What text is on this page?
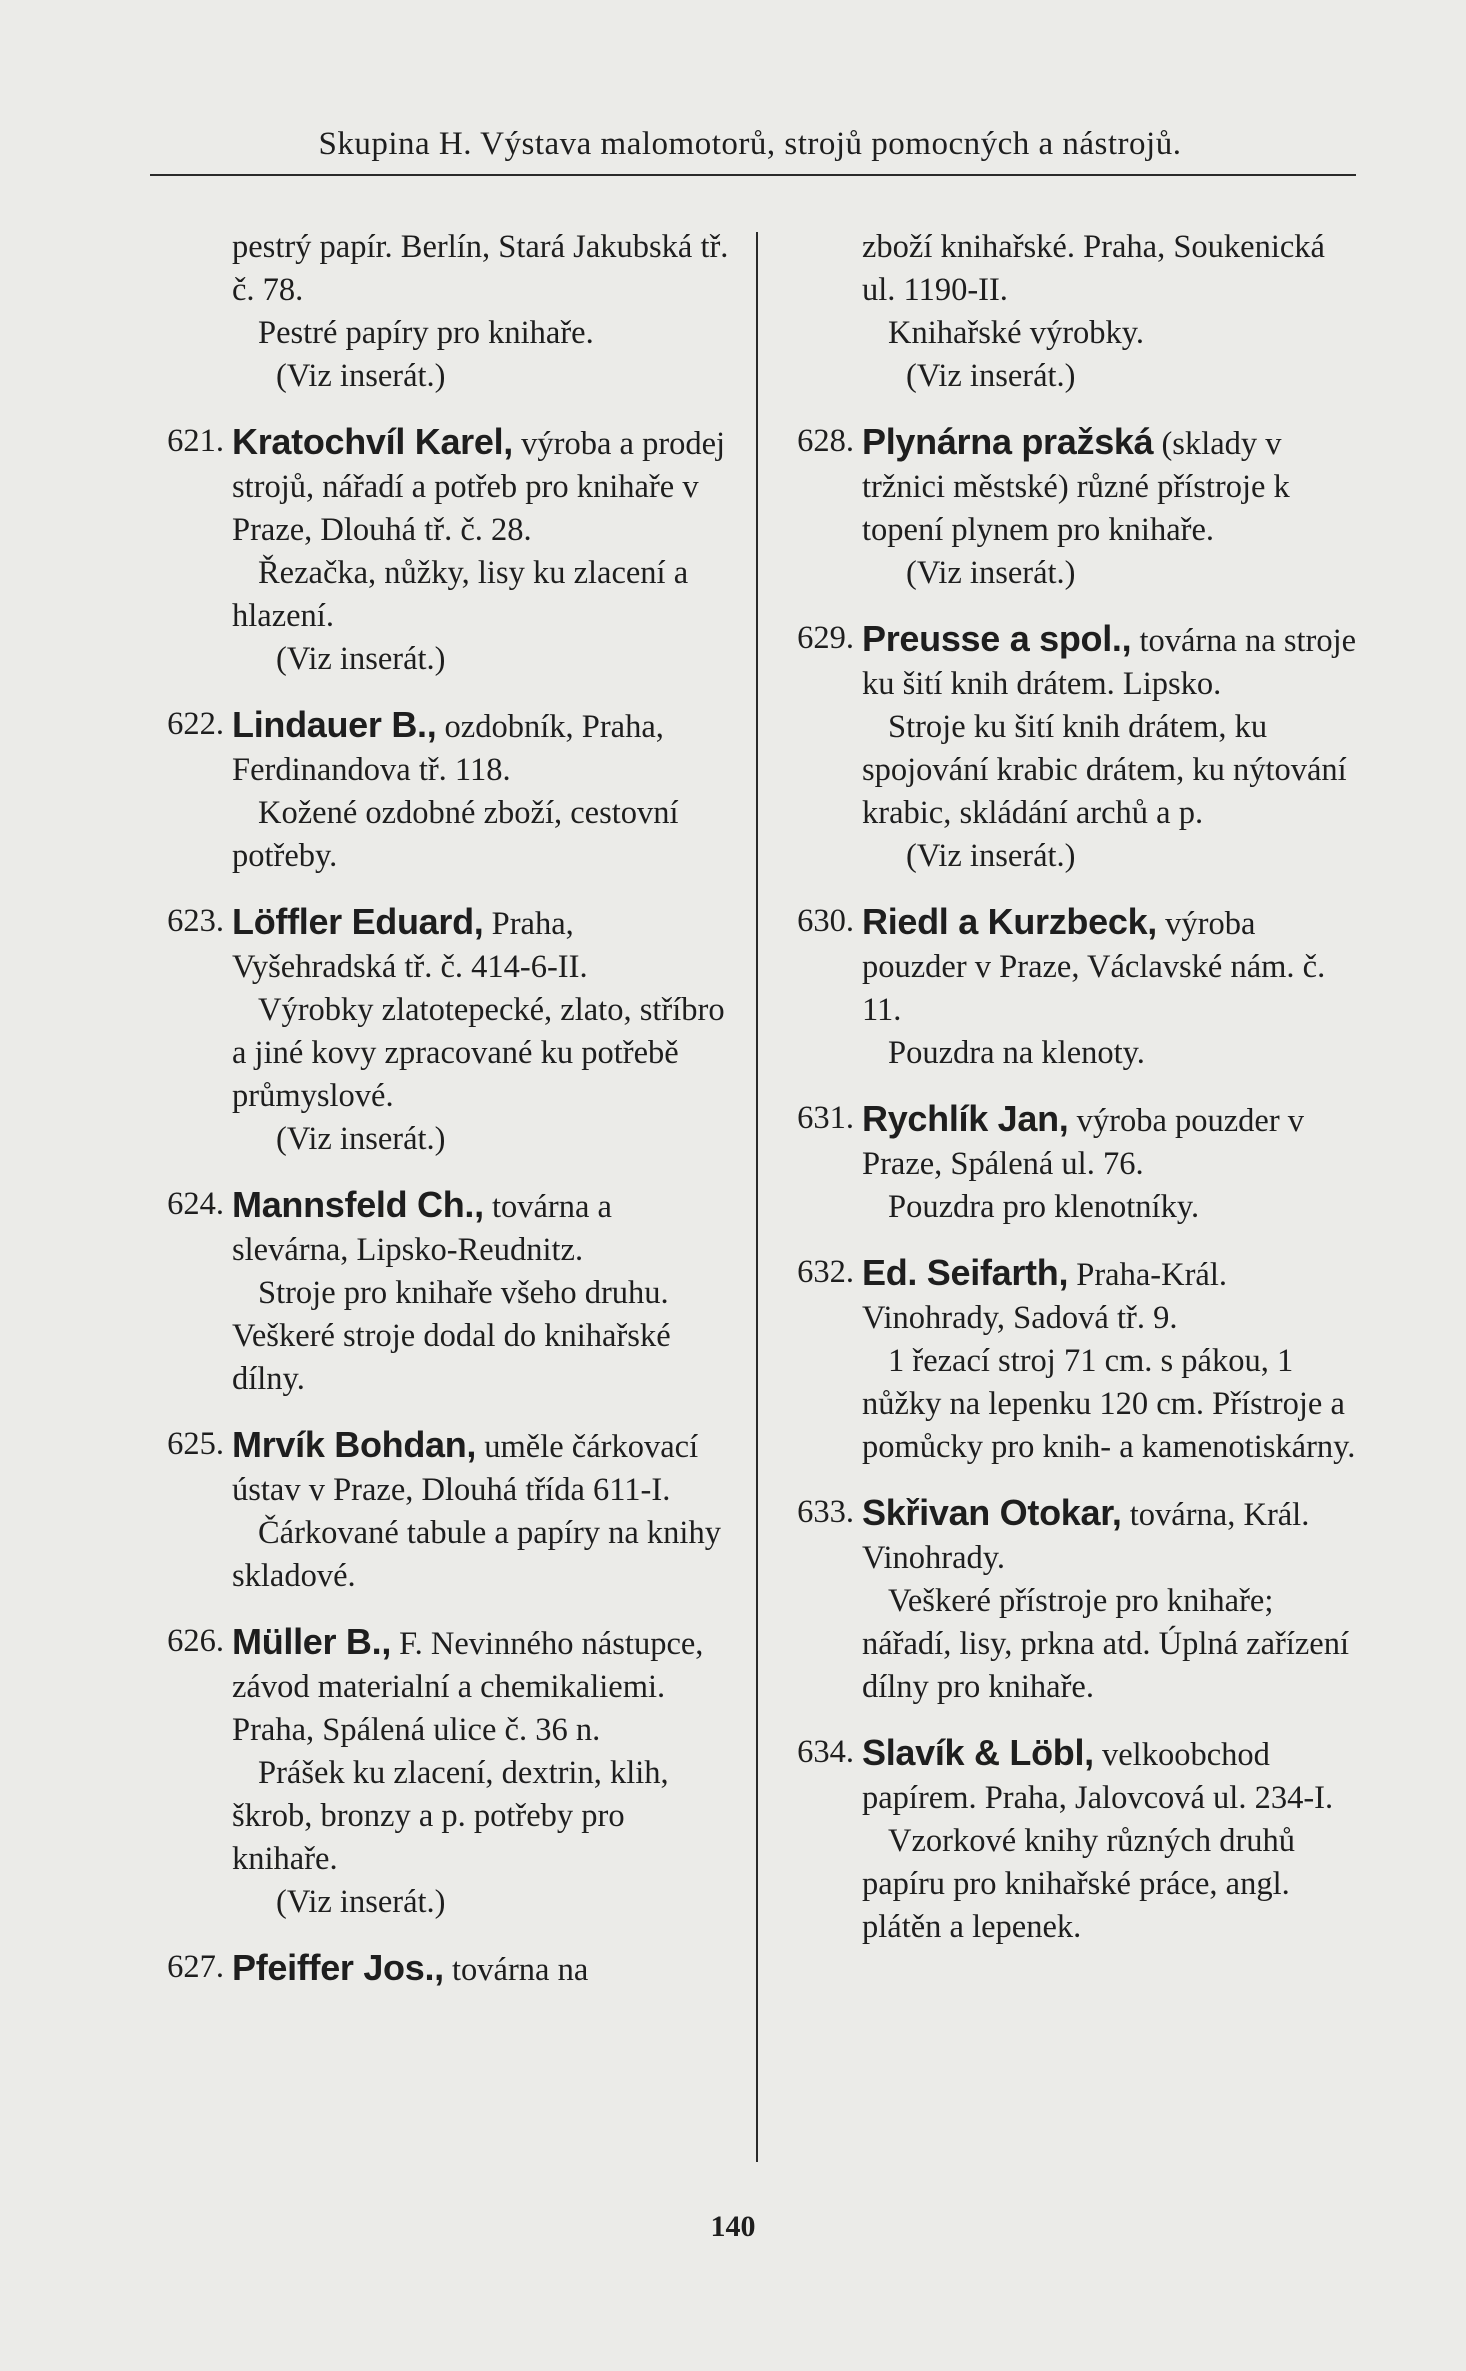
Skupina H. Výstava malomotorů, strojů pomocných a nástrojů.

pestrý papír. Berlín, Stará Jakubská tř. č. 78.

Pestré papíry pro knihaře.

(Viz inserát.)

621. Kratochvíl Karel, výroba a prodej strojů, nářadí a potřeb pro knihaře v Praze, Dlouhá tř. č. 28.

Řezačka, nůžky, lisy ku zlacení a hlazení.

(Viz inserát.)

622. Lindauer B., ozdobník, Praha, Ferdinandova tř. 118.

Kožené ozdobné zboží, cestovní potřeby.

623. Löffler Eduard, Praha, Vyšehradská tř. č. 414-6-II.

Výrobky zlatotepecké, zlato, stříbro a jiné kovy zpracované ku potřebě průmyslové.

(Viz inserát.)

624. Mannsfeld Ch., továrna a slevárna, Lipsko-Reudnitz.

Stroje pro knihaře všeho druhu. Veškeré stroje dodal do knihařské dílny.

625. Mrvík Bohdan, uměle čárkovací ústav v Praze, Dlouhá třída 611-I.

Čárkované tabule a papíry na knihy skladové.

626. Müller B., F. Nevinného nástupce, závod materialní a chemikaliemi. Praha, Spálená ulice č. 36 n.

Prášek ku zlacení, dextrin, klih, škrob, bronzy a p. potřeby pro knihaře.

(Viz inserát.)

627. Pfeiffer Jos., továrna na

zboží knihařské. Praha, Soukenická ul. 1190-II.

Knihařské výrobky.

(Viz inserát.)

628. Plynárna pražská (sklady v tržnici městské) různé přístroje k topení plynem pro knihaře.

(Viz inserát.)

629. Preusse a spol., továrna na stroje ku šití knih drátem. Lipsko.

Stroje ku šití knih drátem, ku spojování krabic drátem, ku nýtování krabic, skládání archů a p.

(Viz inserát.)

630. Riedl a Kurzbeck, výroba pouzder v Praze, Václavské nám. č. 11.

Pouzdra na klenoty.

631. Rychlík Jan, výroba pouzder v Praze, Spálená ul. 76.

Pouzdra pro klenotníky.

632. Ed. Seifarth, Praha-Král. Vinohrady, Sadová tř. 9.

1 řezací stroj 71 cm. s pákou, 1 nůžky na lepenku 120 cm. Přístroje a pomůcky pro knih- a kamenotiskárny.

633. Skřivan Otokar, továrna, Král. Vinohrady.

Veškeré přístroje pro knihaře; nářadí, lisy, prkna atd. Úplná zařízení dílny pro knihaře.

634. Slavík & Löbl, velkoobchod papírem. Praha, Jalovcová ul. 234-I.

Vzorkové knihy různých druhů papíru pro knihařské práce, angl. plátěn a lepenek.

140
